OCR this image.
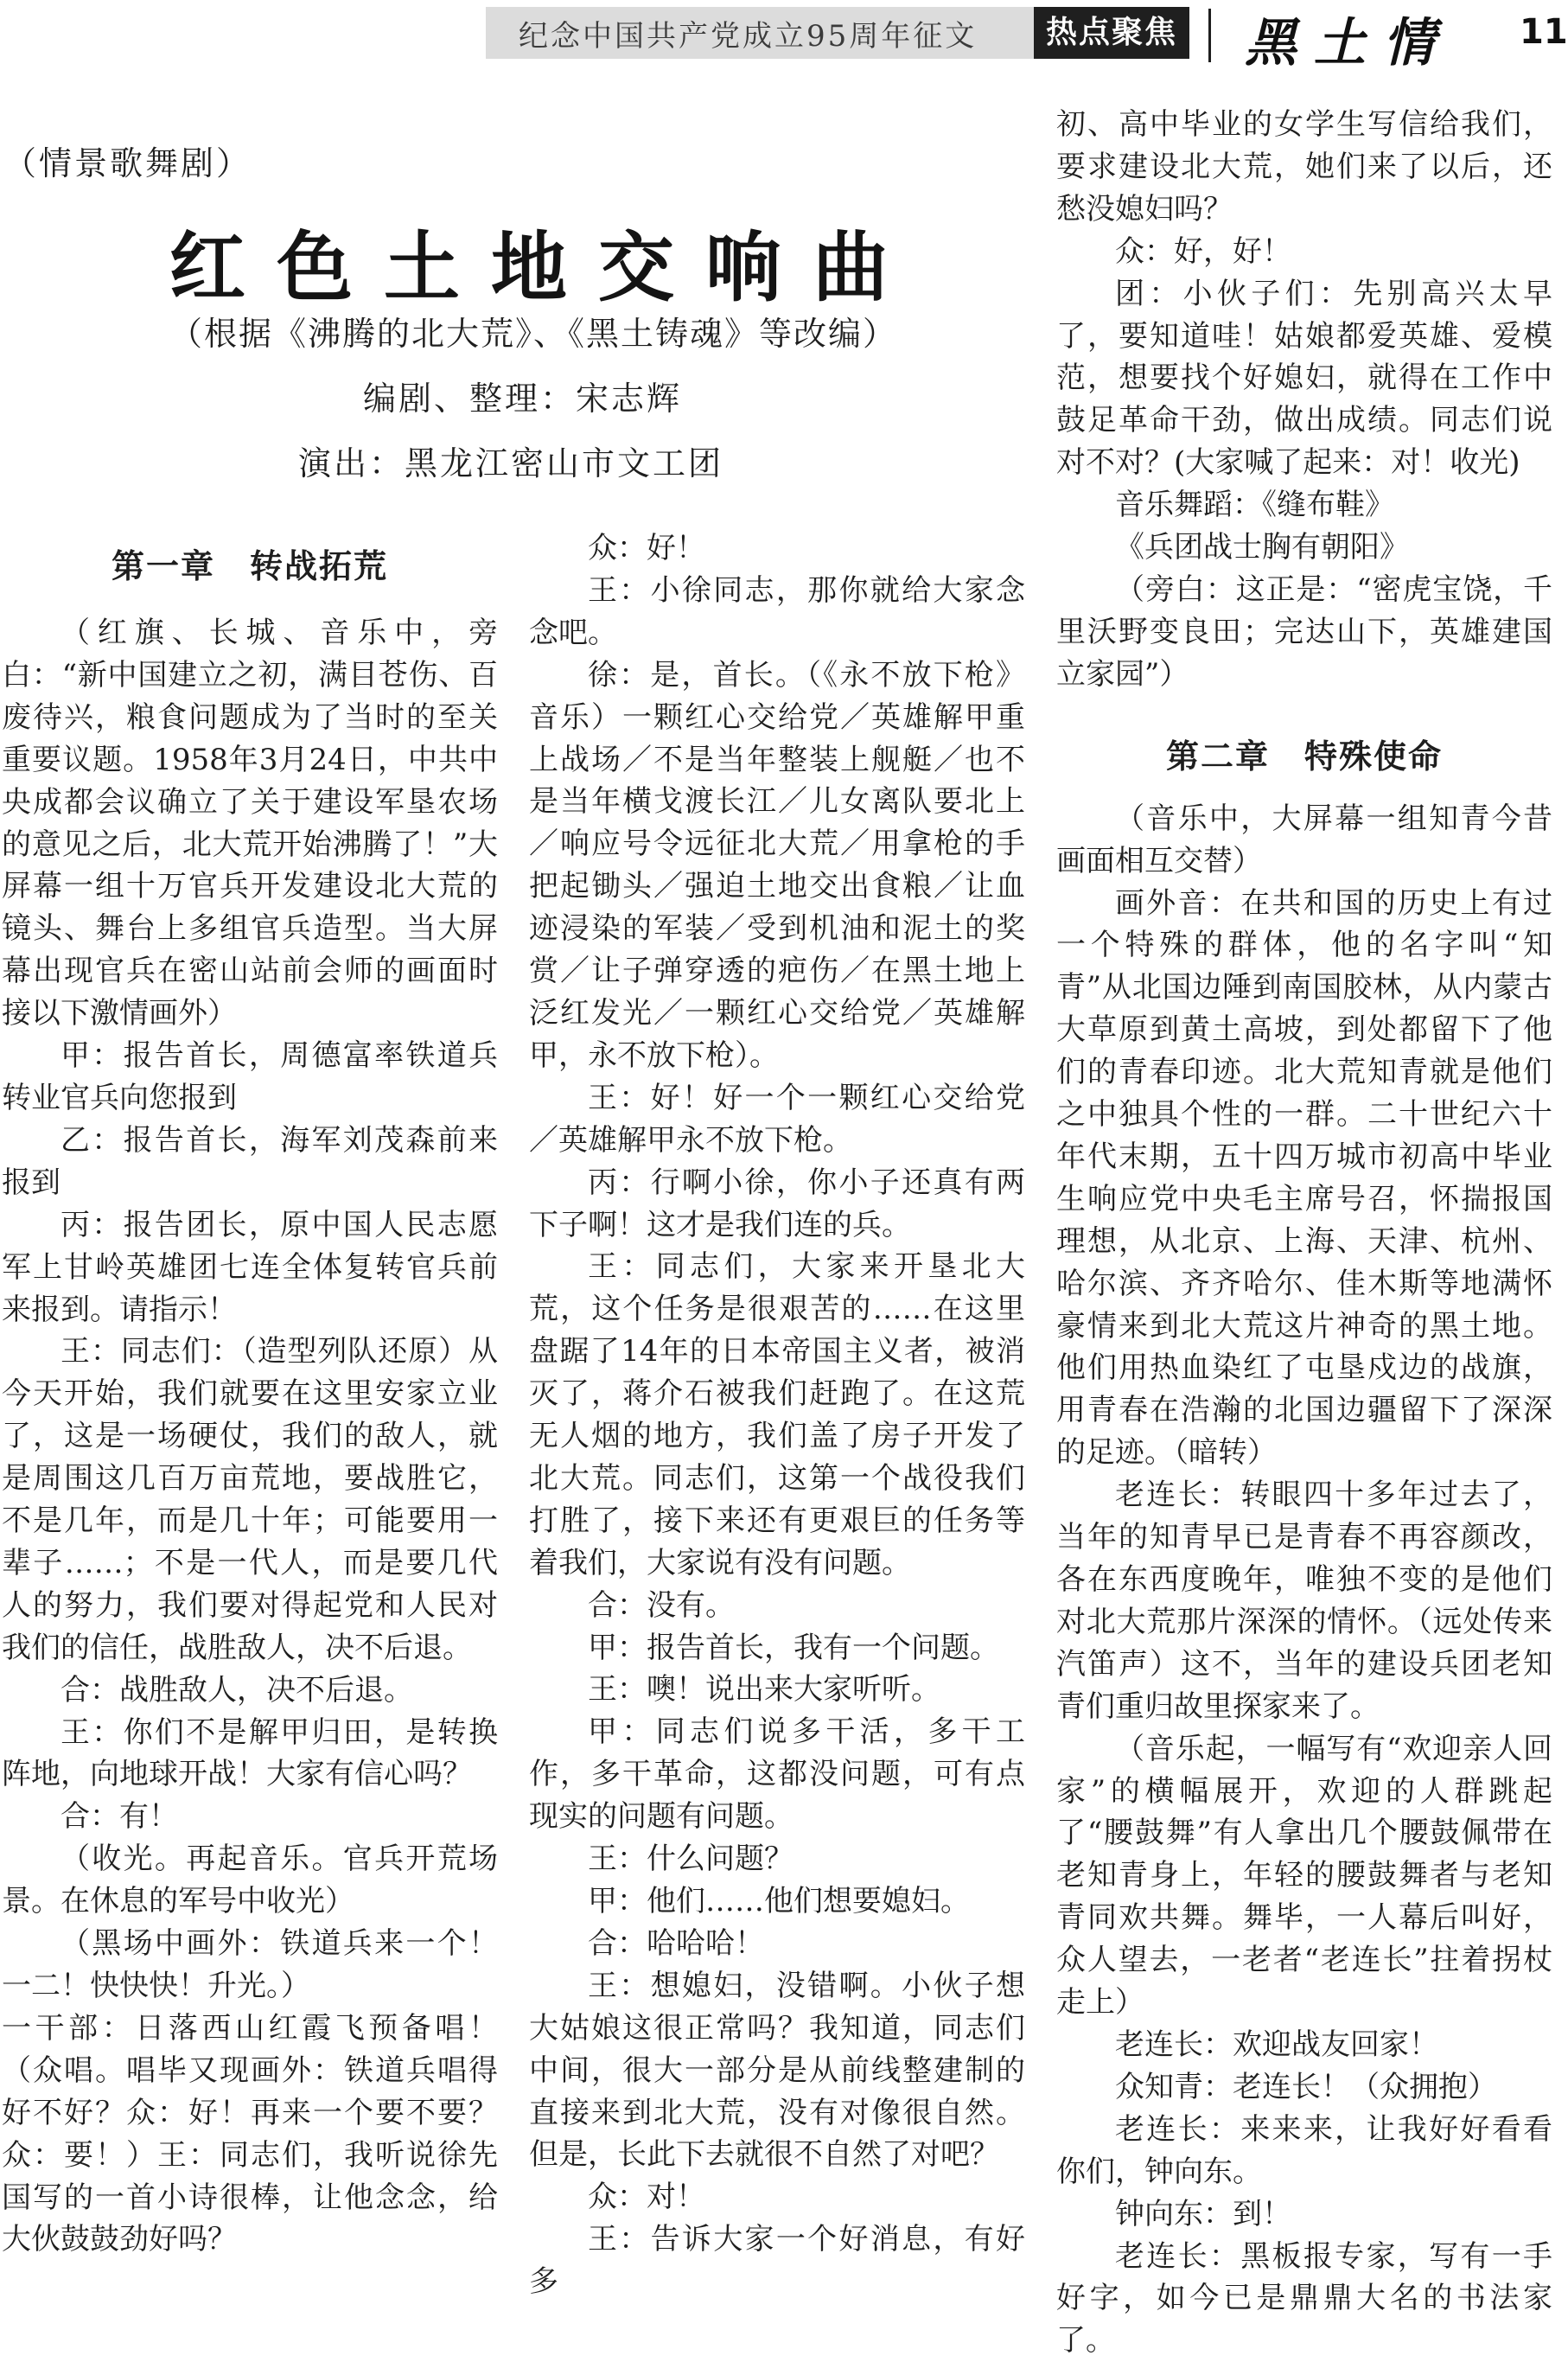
纪念中国共产党成立95周年征文	热点聚焦 黑土情 11
（情景歌舞剧）
红色土地交响曲
（根据《沸腾的北大荒》、《黑土铸魂》等改编）
编剧、整理：宋志辉
演出：黑龙江密山市文工团

第一章　转战拓荒

（红旗、长城、音乐中，旁白：“新中国建立之初，满目苍伤、百废待兴，粮食问题成为了当时的至关重要议题。1958年3月24日，中共中央成都会议确立了关于建设军垦农场的意见之后，北大荒开始沸腾了！”大屏幕一组十万官兵开发建设北大荒的镜头、舞台上多组官兵造型。当大屏幕出现官兵在密山站前会师的画面时接以下激情画外）

甲：报告首长，周德富率铁道兵转业官兵向您报到

乙：报告首长，海军刘茂森前来报到

丙：报告团长，原中国人民志愿军上甘岭英雄团七连全体复转官兵前来报到。请指示！

王：同志们：（造型列队还原）从今天开始，我们就要在这里安家立业了，这是一场硬仗，我们的敌人，就是周围这几百万亩荒地，要战胜它，不是几年，而是几十年；可能要用一辈子……；不是一代人，而是要几代人的努力，我们要对得起党和人民对我们的信任，战胜敌人，决不后退。

合：战胜敌人，决不后退。

王：你们不是解甲归田，是转换阵地，向地球开战！大家有信心吗？

合：有！

（收光。再起音乐。官兵开荒场景。在休息的军号中收光）

（黑场中画外：铁道兵来一个！一二！快快快！升光。）

一干部：日落西山红霞飞预备唱！（众唱。唱毕又现画外：铁道兵唱得好不好？众：好！再来一个要不要？众：要！）王：同志们，我听说徐先国写的一首小诗很棒，让他念念，给大伙鼓鼓劲好吗？

众：好！

王：小徐同志，那你就给大家念念吧。

徐：是，首长。（《永不放下枪》音乐）一颗红心交给党／英雄解甲重上战场／不是当年整装上舰艇／也不是当年横戈渡长江／儿女离队要北上／响应号令远征北大荒／用拿枪的手把起锄头／强迫土地交出食粮／让血迹浸染的军装／受到机油和泥土的奖赏／让子弹穿透的疤伤／在黑土地上泛红发光／一颗红心交给党／英雄解甲，永不放下枪）。

王：好！好一个一颗红心交给党／英雄解甲永不放下枪。

丙：行啊小徐，你小子还真有两下子啊！这才是我们连的兵。

王：同志们，大家来开垦北大荒，这个任务是很艰苦的……在这里盘踞了14年的日本帝国主义者，被消灭了，蒋介石被我们赶跑了。在这荒无人烟的地方，我们盖了房子开发了北大荒。同志们，这第一个战役我们打胜了，接下来还有更艰巨的任务等着我们，大家说有没有问题。

合：没有。

甲：报告首长，我有一个问题。

王：噢！说出来大家听听。

甲：同志们说多干活，多干工作，多干革命，这都没问题，可有点现实的问题有问题。

王：什么问题？

甲：他们……他们想要媳妇。

合：哈哈哈！

王：想媳妇，没错啊。小伙子想大姑娘这很正常吗？我知道，同志们中间，很大一部分是从前线整建制的直接来到北大荒，没有对像很自然。但是，长此下去就很不自然了对吧？

众：对！

王：告诉大家一个好消息，有好多

初、高中毕业的女学生写信给我们，要求建设北大荒，她们来了以后，还愁没媳妇吗？

众：好，好！

团：小伙子们：先别高兴太早了，要知道哇！姑娘都爱英雄、爱模范，想要找个好媳妇，就得在工作中鼓足革命干劲，做出成绩。同志们说对不对？(大家喊了起来：对！收光)

音乐舞蹈：《缝布鞋》

《兵团战士胸有朝阳》

（旁白：这正是：“密虎宝饶，千里沃野变良田；完达山下，英雄建国立家园”）

第二章　特殊使命

（音乐中，大屏幕一组知青今昔画面相互交替）

画外音：在共和国的历史上有过一个特殊的群体，他的名字叫“知青”从北国边陲到南国胶林，从内蒙古大草原到黄土高坡，到处都留下了他们的青春印迹。北大荒知青就是他们之中独具个性的一群。二十世纪六十年代末期，五十四万城市初高中毕业生响应党中央毛主席号召，怀揣报国理想，从北京、上海、天津、杭州、哈尔滨、齐齐哈尔、佳木斯等地满怀豪情来到北大荒这片神奇的黑土地。他们用热血染红了屯垦戍边的战旗，用青春在浩瀚的北国边疆留下了深深的足迹。（暗转）

老连长：转眼四十多年过去了，当年的知青早已是青春不再容颜改，各在东西度晚年，唯独不变的是他们对北大荒那片深深的情怀。（远处传来汽笛声）这不，当年的建设兵团老知青们重归故里探家来了。

（音乐起，一幅写有“欢迎亲人回家”的横幅展开，欢迎的人群跳起了“腰鼓舞”有人拿出几个腰鼓佩带在老知青身上，年轻的腰鼓舞者与老知青同欢共舞。舞毕，一人幕后叫好，众人望去，一老者“老连长”拄着拐杖走上）

老连长：欢迎战友回家！

众知青：老连长！（众拥抱）

老连长：来来来，让我好好看看你们，钟向东。

钟向东：到！

老连长：黑板报专家，写有一手好字，如今已是鼎鼎大名的书法家了。
